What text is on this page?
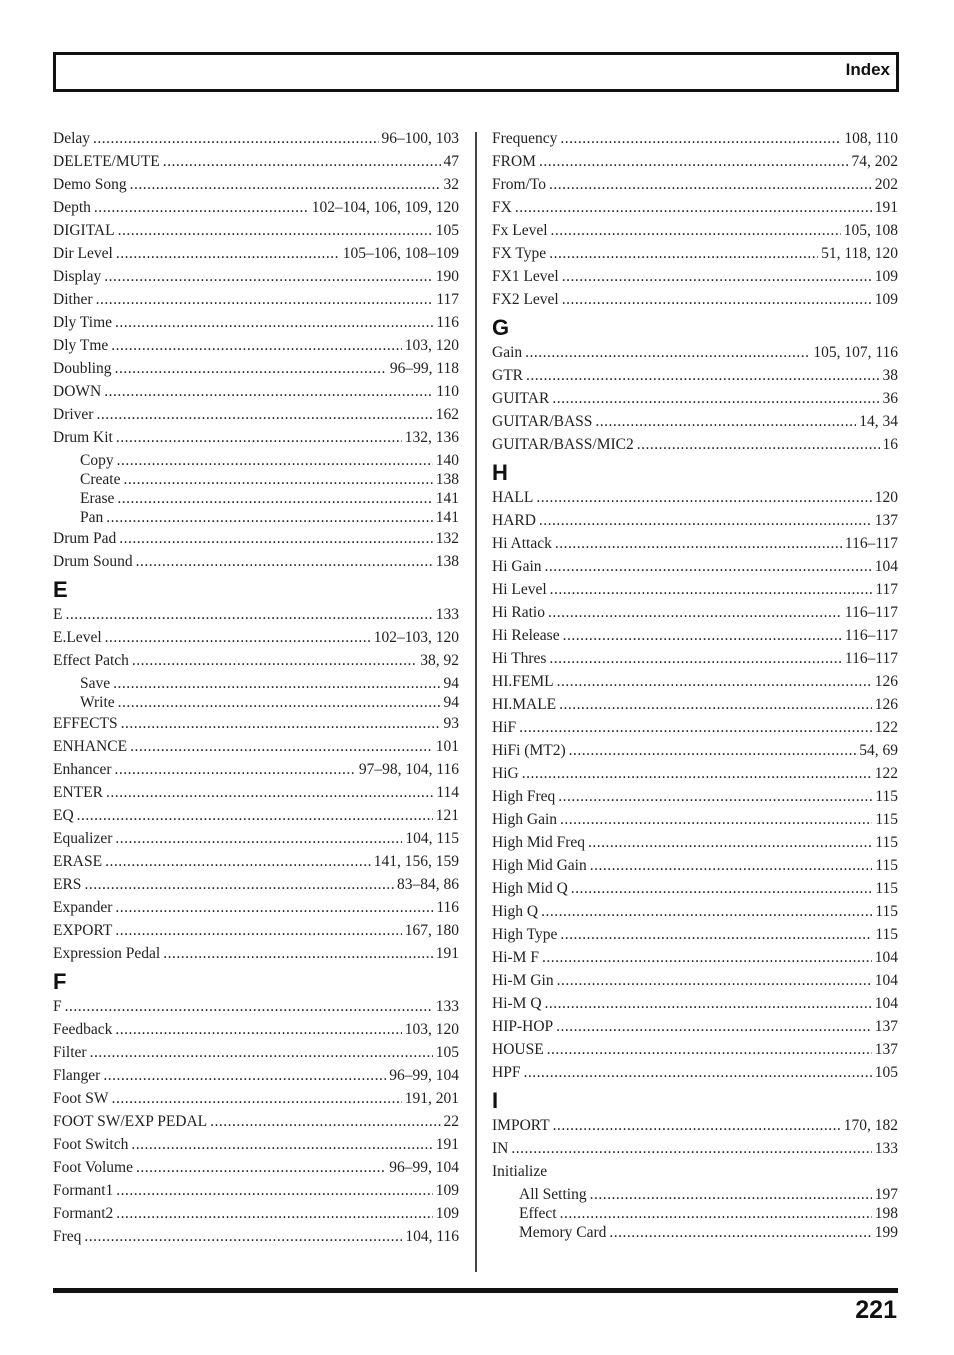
Index
Delay .....	96–100, 103
DELETE/MUTE .....	47
Demo Song .....	32
Depth .....	102–104, 106, 109, 120
DIGITAL .....	105
Dir Level .....	105–106, 108–109
Display .....	190
Dither .....	117
Dly Time .....	116
Dly Tme .....	103, 120
Doubling .....	96–99, 118
DOWN .....	110
Driver .....	162
Drum Kit .....	132, 136
Copy .....	140
Create .....	138
Erase .....	141
Pan .....	141
Drum Pad .....	132
Drum Sound .....	138
E
E .....	133
E.Level .....	102–103, 120
Effect Patch .....	38, 92
Save .....	94
Write .....	94
EFFECTS .....	93
ENHANCE .....	101
Enhancer .....	97–98, 104, 116
ENTER .....	114
EQ .....	121
Equalizer .....	104, 115
ERASE .....	141, 156, 159
ERS .....	83–84, 86
Expander .....	116
EXPORT .....	167, 180
Expression Pedal .....	191
F
F .....	133
Feedback .....	103, 120
Filter .....	105
Flanger .....	96–99, 104
Foot SW .....	191, 201
FOOT SW/EXP PEDAL .....	22
Foot Switch .....	191
Foot Volume .....	96–99, 104
Formant1 .....	109
Formant2 .....	109
Freq .....	104, 116
Frequency .....	108, 110
FROM .....	74, 202
From/To .....	202
FX .....	191
Fx Level .....	105, 108
FX Type .....	51, 118, 120
FX1 Level .....	109
FX2 Level .....	109
G
Gain .....	105, 107, 116
GTR .....	38
GUITAR .....	36
GUITAR/BASS .....	14, 34
GUITAR/BASS/MIC2 .....	16
H
HALL .....	120
HARD .....	137
Hi Attack .....	116–117
Hi Gain .....	104
Hi Level .....	117
Hi Ratio .....	116–117
Hi Release .....	116–117
Hi Thres .....	116–117
HI.FEML .....	126
HI.MALE .....	126
HiF .....	122
HiFi (MT2) .....	54, 69
HiG .....	122
High Freq .....	115
High Gain .....	115
High Mid Freq .....	115
High Mid Gain .....	115
High Mid Q .....	115
High Q .....	115
High Type .....	115
Hi-M F .....	104
Hi-M Gin .....	104
Hi-M Q .....	104
HIP-HOP .....	137
HOUSE .....	137
HPF .....	105
I
IMPORT .....	170, 182
IN .....	133
Initialize
All Setting .....	197
Effect .....	198
Memory Card .....	199
221
